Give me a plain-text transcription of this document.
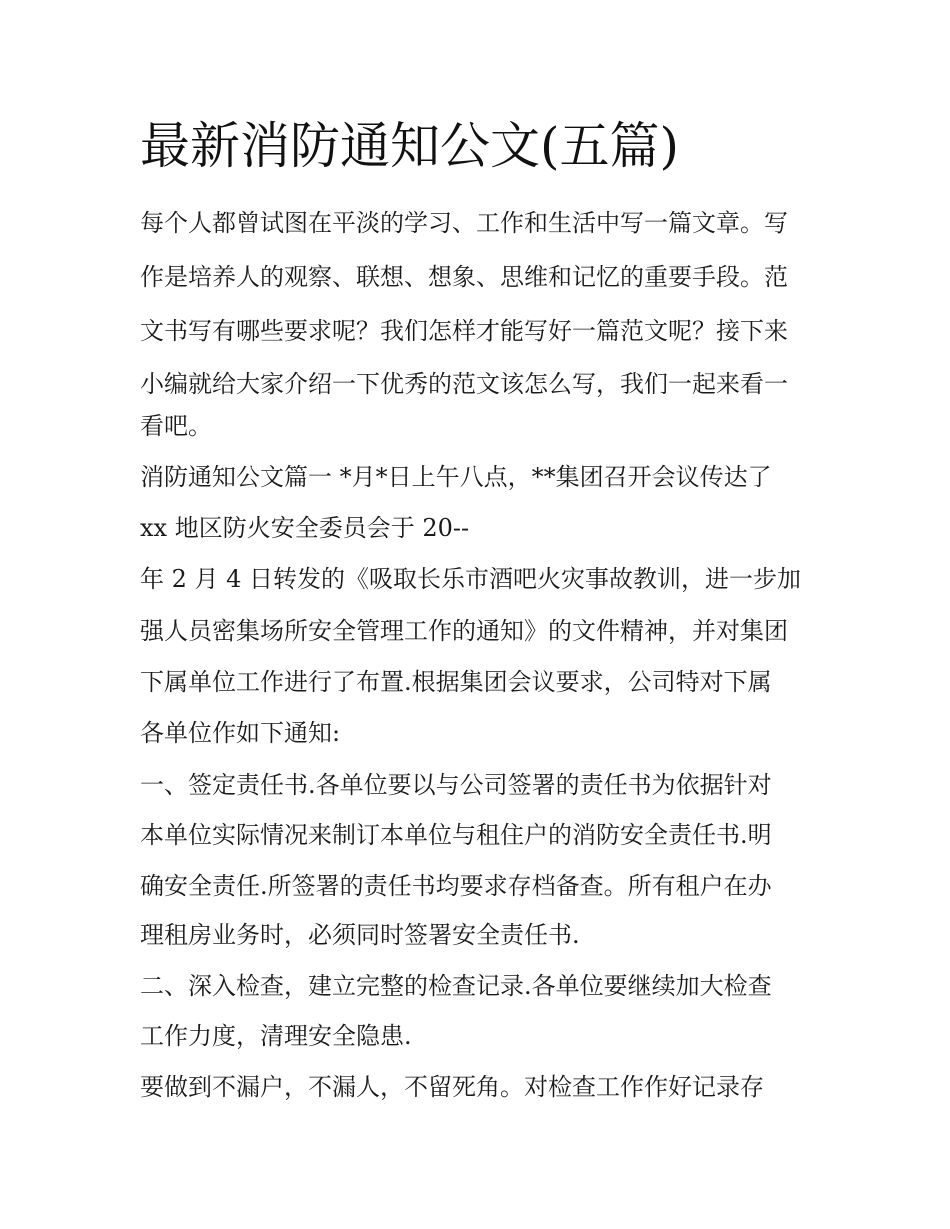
最新消防通知公文(五篇)

每个人都曾试图在平淡的学习、工作和生活中写一篇文章。写

作是培养人的观察、联想、想象、思维和记忆的重要手段。范

文书写有哪些要求呢？我们怎样才能写好一篇范文呢？接下来

小编就给大家介绍一下优秀的范文该怎么写，我们一起来看一

看吧。

消防通知公文篇一 *月*日上午八点，**集团召开会议传达了

xx 地区防火安全委员会于 20--

年 2 月 4 日转发的《吸取长乐市酒吧火灾事故教训，进一步加

强人员密集场所安全管理工作的通知》的文件精神，并对集团

下属单位工作进行了布置.根据集团会议要求，公司特对下属

各单位作如下通知:

一、签定责任书.各单位要以与公司签署的责任书为依据针对

本单位实际情况来制订本单位与租住户的消防安全责任书.明

确安全责任.所签署的责任书均要求存档备查。所有租户在办

理租房业务时，必须同时签署安全责任书.

二、深入检查，建立完整的检查记录.各单位要继续加大检查

工作力度，清理安全隐患.

要做到不漏户，不漏人，不留死角。对检查工作作好记录存
